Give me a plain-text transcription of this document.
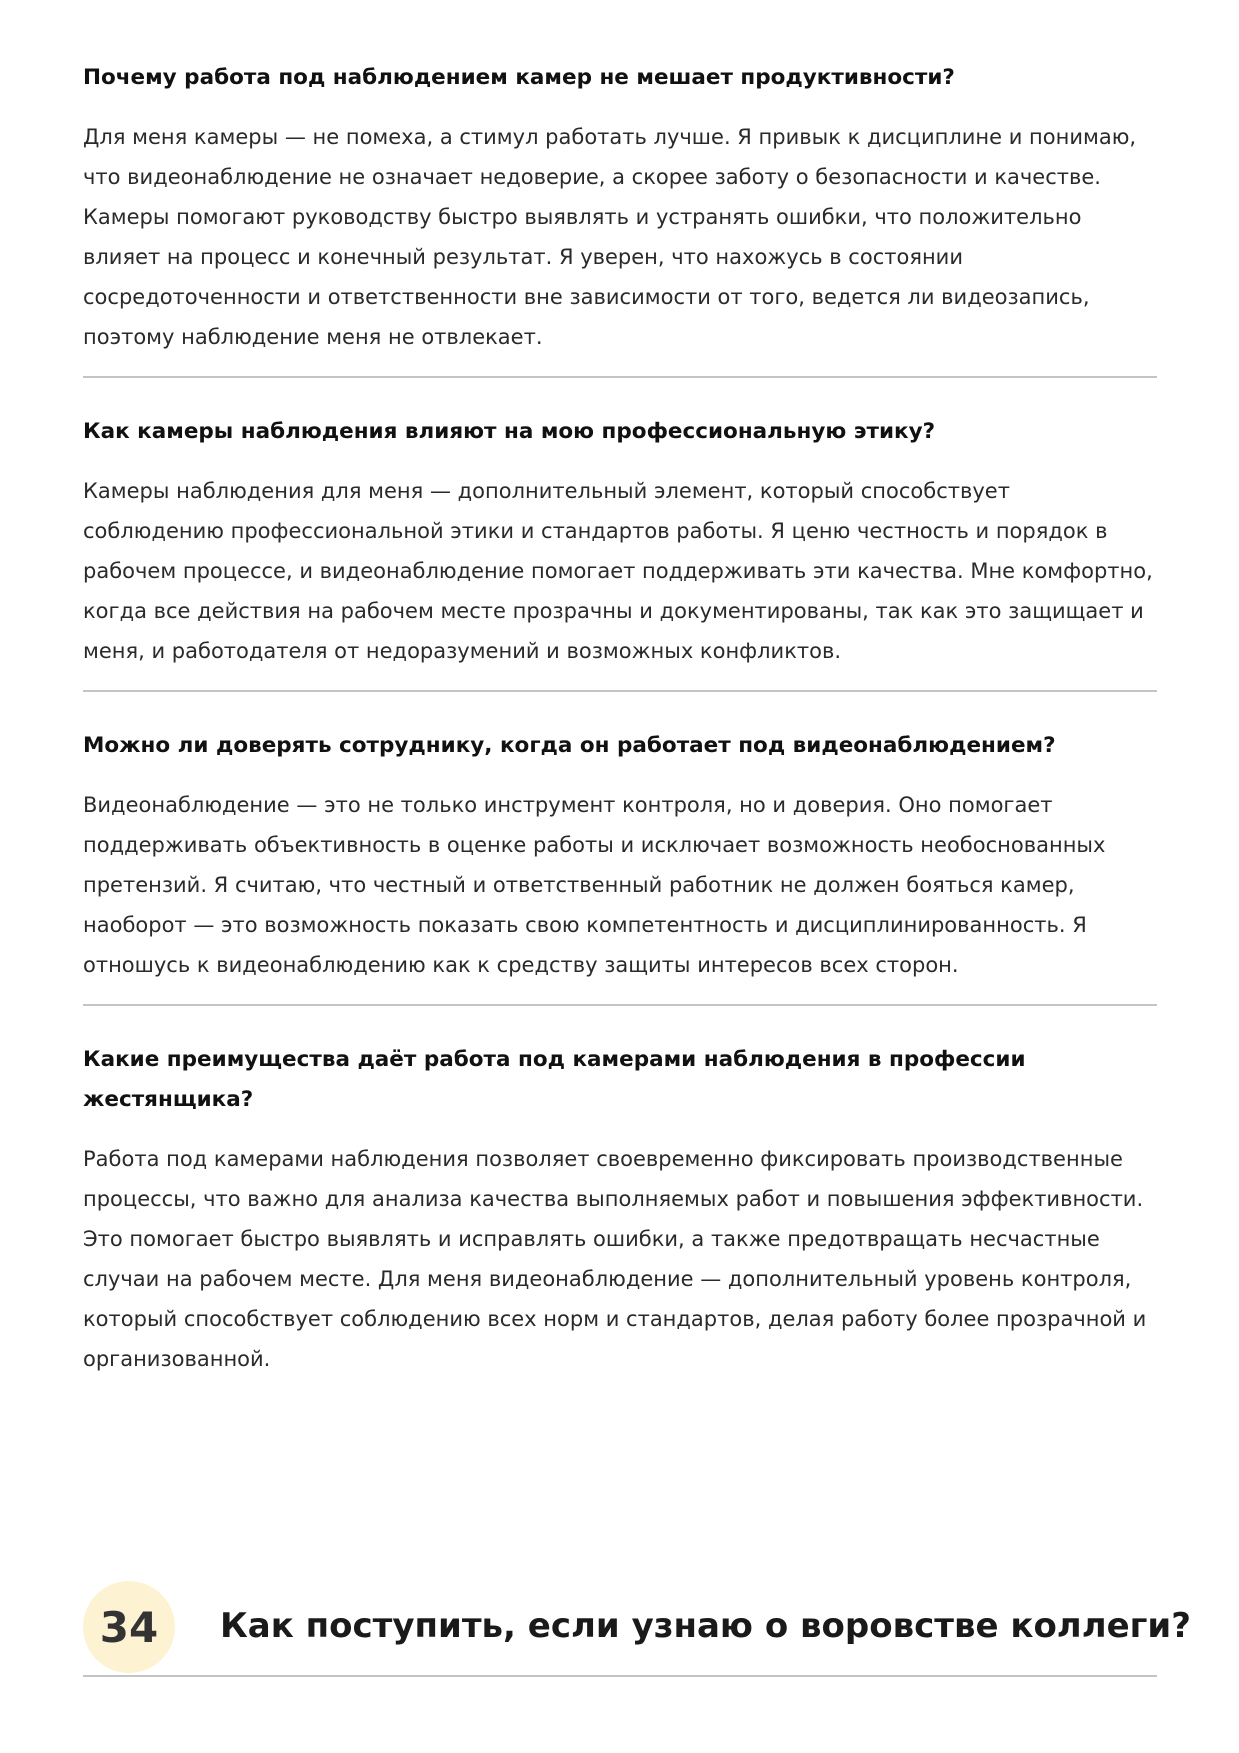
Почему работа под наблюдением камер не мешает продуктивности?

Для меня камеры — не помеха, а стимул работать лучше. Я привык к дисциплине и понимаю, что видеонаблюдение не означает недоверие, а скорее заботу о безопасности и качестве. Камеры помогают руководству быстро выявлять и устранять ошибки, что положительно влияет на процесс и конечный результат. Я уверен, что нахожусь в состоянии сосредоточенности и ответственности вне зависимости от того, ведется ли видеозапись, поэтому наблюдение меня не отвлекает.

Как камеры наблюдения влияют на мою профессиональную этику?

Камеры наблюдения для меня — дополнительный элемент, который способствует соблюдению профессиональной этики и стандартов работы. Я ценю честность и порядок в рабочем процессе, и видеонаблюдение помогает поддерживать эти качества. Мне комфортно, когда все действия на рабочем месте прозрачны и документированы, так как это защищает и меня, и работодателя от недоразумений и возможных конфликтов.

Можно ли доверять сотруднику, когда он работает под видеонаблюдением?

Видеонаблюдение — это не только инструмент контроля, но и доверия. Оно помогает поддерживать объективность в оценке работы и исключает возможность необоснованных претензий. Я считаю, что честный и ответственный работник не должен бояться камер, наоборот — это возможность показать свою компетентность и дисциплинированность. Я отношусь к видеонаблюдению как к средству защиты интересов всех сторон.

Какие преимущества даёт работа под камерами наблюдения в профессии жестянщика?

Работа под камерами наблюдения позволяет своевременно фиксировать производственные процессы, что важно для анализа качества выполняемых работ и повышения эффективности. Это помогает быстро выявлять и исправлять ошибки, а также предотвращать несчастные случаи на рабочем месте. Для меня видеонаблюдение — дополнительный уровень контроля, который способствует соблюдению всех норм и стандартов, делая работу более прозрачной и организованной.

34	Как поступить, если узнаю о воровстве коллеги?
